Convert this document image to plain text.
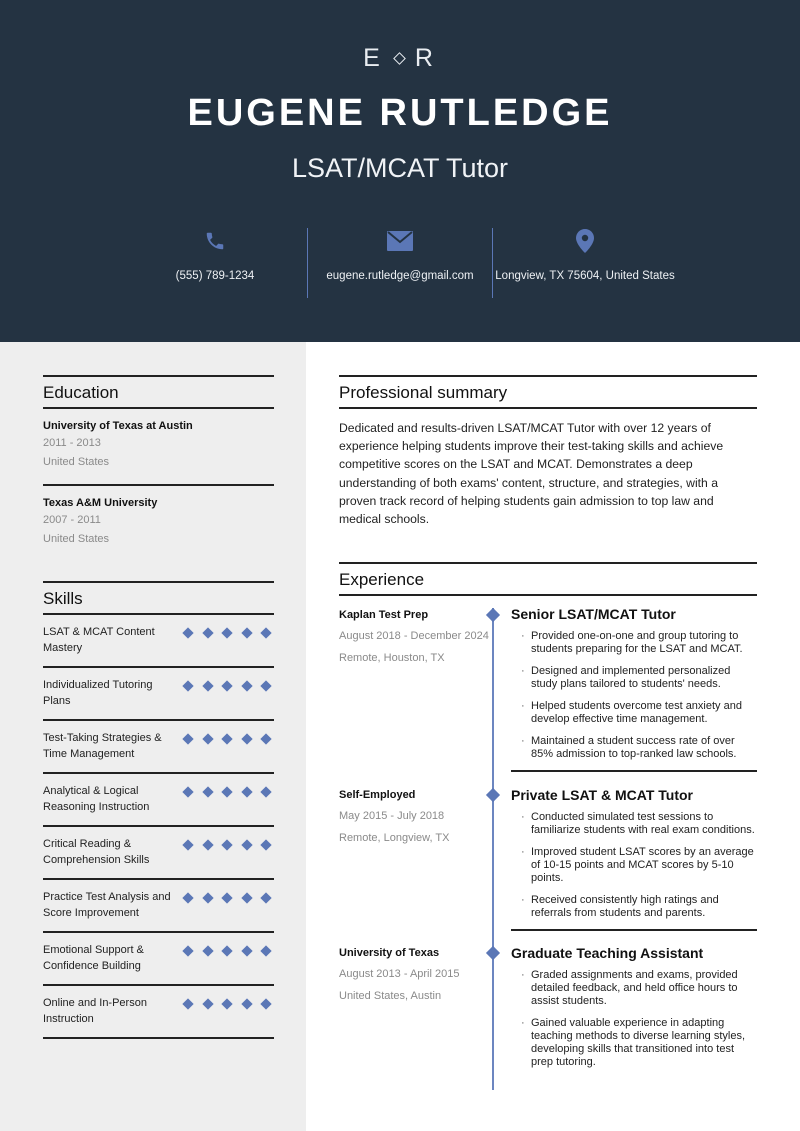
E R
EUGENE RUTLEDGE
LSAT/MCAT Tutor
(555) 789-1234	eugene.rutledge@gmail.com Longview, TX 75604, United States
Education
University of Texas at Austin
2011 - 2013
United States
Texas A&M University
2007 - 2011
United States
Skills
LSAT & MCAT Content Mastery
Individualized Tutoring Plans
Test-Taking Strategies & Time Management
Analytical & Logical Reasoning Instruction
Critical Reading & Comprehension Skills
Practice Test Analysis and Score Improvement
Emotional Support & Confidence Building
Online and In-Person Instruction
Professional summary

Dedicated and results-driven LSAT/MCAT Tutor with over 12 years of experience helping students improve their test-taking skills and achieve competitive scores on the LSAT and MCAT. Demonstrates a deep understanding of both exams' content, structure, and strategies, with a proven track record of helping students gain admission to top law and medical schools.

Experience
Kaplan Test Prep
August 2018 - December 2024
Remote, Houston, TX
Senior LSAT/MCAT Tutor
· Provided one-on-one and group tutoring to students preparing for the LSAT and MCAT.
· Designed and implemented personalized study plans tailored to students' needs.
· Helped students overcome test anxiety and develop effective time management.
· Maintained a student success rate of over 85% admission to top-ranked law schools.
Self-Employed
May 2015 - July 2018
Remote, Longview, TX
Private LSAT & MCAT Tutor
· Conducted simulated test sessions to familiarize students with real exam conditions.
· Improved student LSAT scores by an average of 10-15 points and MCAT scores by 5-10 points.
· Received consistently high ratings and referrals from students and parents.
University of Texas
August 2013 - April 2015
United States, Austin
Graduate Teaching Assistant
· Graded assignments and exams, provided detailed feedback, and held office hours to assist students.
· Gained valuable experience in adapting teaching methods to diverse learning styles, developing skills that transitioned into test prep tutoring.
